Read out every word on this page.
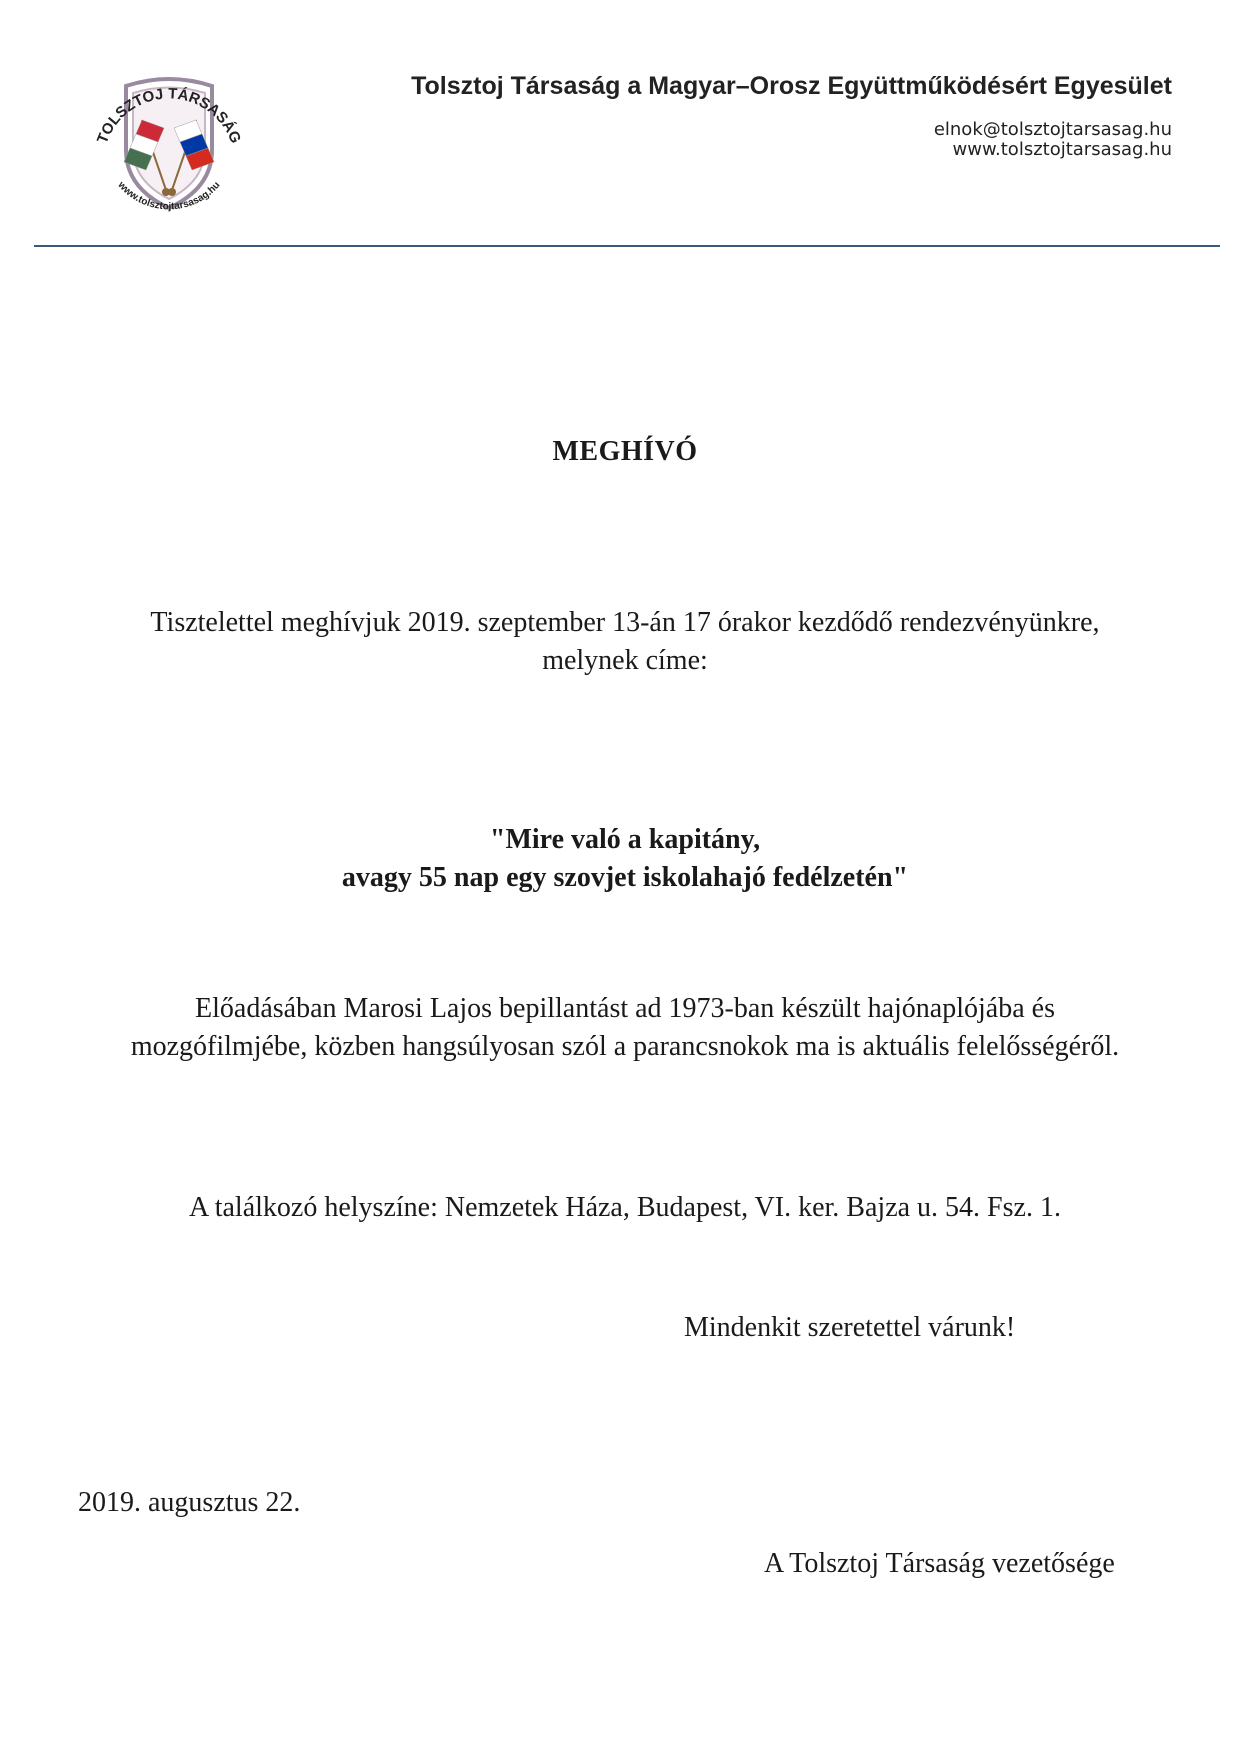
TOLSZTOJ TÁRSASÁG
www.tolsztojtarsasag.hu
Tolsztoj Társaság a Magyar–Orosz Együttműködésért Egyesület
elnok@tolsztojtarsasag.hu
www.tolsztojtarsasag.hu
MEGHÍVÓ
Tisztelettel meghívjuk 2019. szeptember 13-án 17 órakor kezdődő rendezvényünkre,
melynek címe:
"Mire való a kapitány,
avagy 55 nap egy szovjet iskolahajó fedélzetén"
Előadásában Marosi Lajos bepillantást ad 1973-ban készült hajónaplójába és
mozgófilmjébe, közben hangsúlyosan szól a parancsnokok ma is aktuális felelősségéről.
A találkozó helyszíne: Nemzetek Háza, Budapest, VI. ker. Bajza u. 54. Fsz. 1.
Mindenkit szeretettel várunk!
2019. augusztus 22.
A Tolsztoj Társaság vezetősége
